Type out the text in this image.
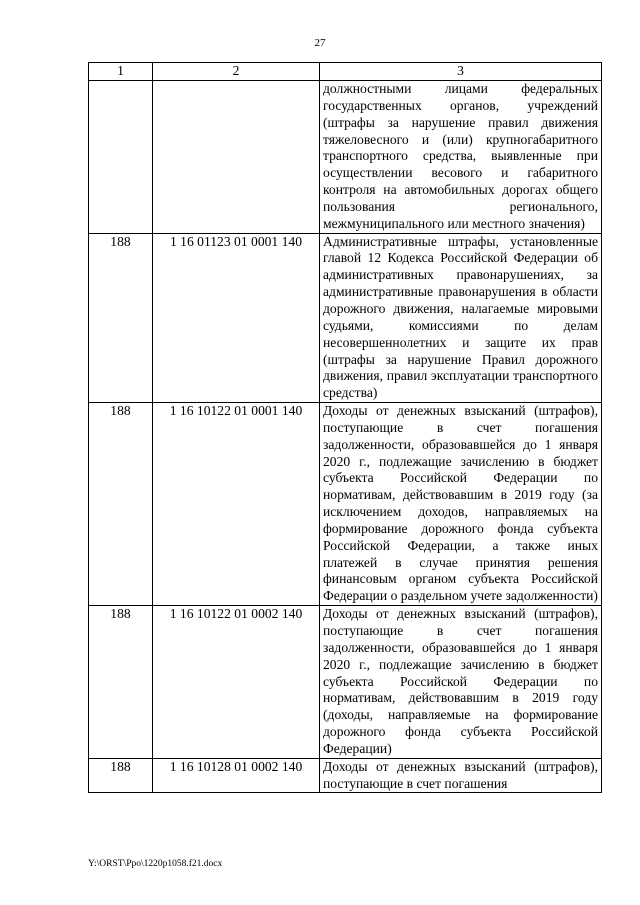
27
1	2	3
		должностными лицами федеральных государственных органов, учреждений (штрафы за нарушение правил движения тяжеловесного и (или) крупногабаритного транспортного средства, выявленные при осуществлении весового и габаритного контроля на автомобильных дорогах общего пользования регионального, межмуниципального или местного значения)
188	1 16 01123 01 0001 140	Административные штрафы, установленные главой 12 Кодекса Российской Федерации об административных правонарушениях, за административные правонарушения в области дорожного движения, налагаемые мировыми судьями, комиссиями по делам несовершеннолетних и защите их прав (штрафы за нарушение Правил дорожного движения, правил эксплуатации транспортного средства)
188	1 16 10122 01 0001 140	Доходы от денежных взысканий (штрафов), поступающие в счет погашения задолженности, образовавшейся до 1 января 2020 г., подлежащие зачислению в бюджет субъекта Российской Федерации по нормативам, действовавшим в 2019 году (за исключением доходов, направляемых на формирование дорожного фонда субъекта Российской Федерации, а также иных платежей в случае принятия решения финансовым органом субъекта Российской Федерации о раздельном учете задолженности)
188	1 16 10122 01 0002 140	Доходы от денежных взысканий (штрафов), поступающие в счет погашения задолженности, образовавшейся до 1 января 2020 г., подлежащие зачислению в бюджет субъекта Российской Федерации по нормативам, действовавшим в 2019 году (доходы, направляемые на формирование дорожного фонда субъекта Российской Федерации)
188	1 16 10128 01 0002 140	Доходы от денежных взысканий (штрафов), поступающие в счет погашения
Y:\ORST\Ppo\1220p1058.f21.docx
